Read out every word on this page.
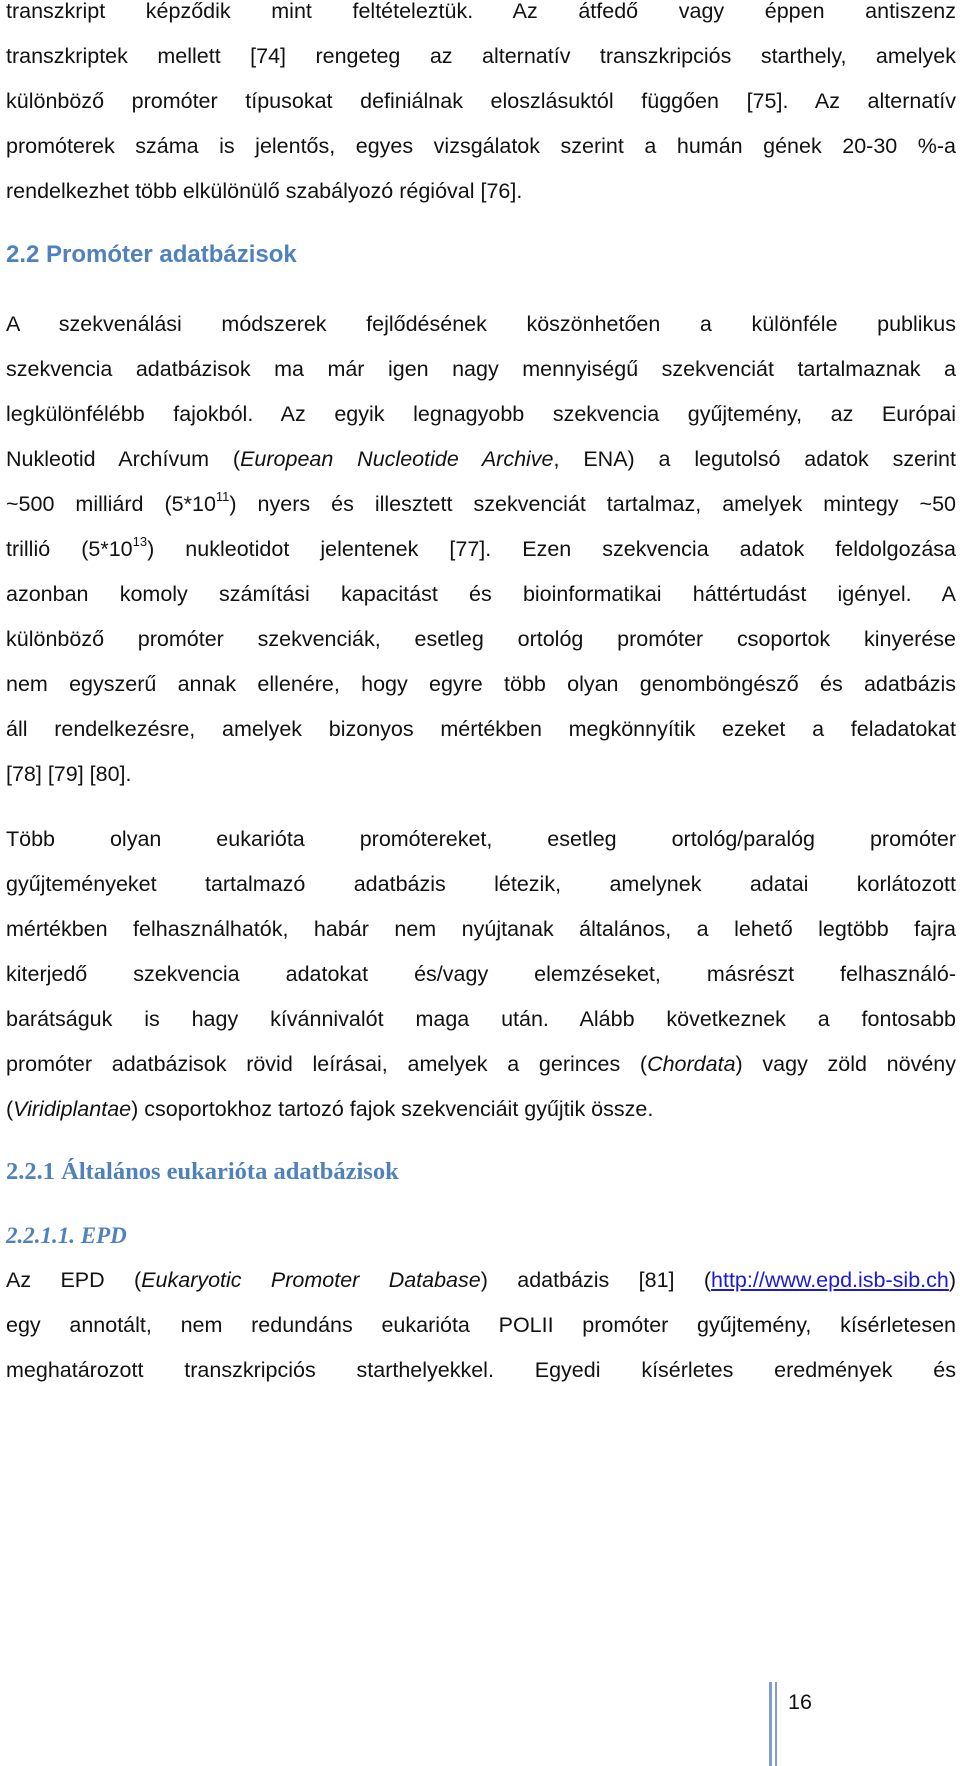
transzkript képződik mint feltételeztük. Az átfedő vagy éppen antiszenz
transzkriptek mellett [74] rengeteg az alternatív transzkripciós starthely, amelyek
különböző promóter típusokat definiálnak eloszlásuktól függően [75]. Az alternatív
promóterek száma is jelentős, egyes vizsgálatok szerint a humán gének 20-30 %-a
rendelkezhet több elkülönülő szabályozó régióval [76].
2.2 Promóter adatbázisok
A szekvenálási módszerek fejlődésének köszönhetően a különféle publikus
szekvencia adatbázisok ma már igen nagy mennyiségű szekvenciát tartalmaznak a
legkülönfélébb fajokból. Az egyik legnagyobb szekvencia gyűjtemény, az Európai
Nukleotid Archívum (European Nucleotide Archive, ENA) a legutolsó adatok szerint
~500 milliárd $(5*10^{11})$ nyers és illesztett szekvenciát tartalmaz, amelyek mintegy ~50
trillió $(5*10^{13})$ nukleotidot jelentenek [77]. Ezen szekvencia adatok feldolgozása
azonban komoly számítási kapacitást és bioinformatikai háttértudást igényel. A
különböző promóter szekvenciák, esetleg ortológ promóter csoportok kinyerése
nem egyszerű annak ellenére, hogy egyre több olyan genomböngésző és adatbázis
áll rendelkezésre, amelyek bizonyos mértékben megkönnyítik ezeket a feladatokat
[78] [79] [80].
Több olyan eukarióta promótereket, esetleg ortológ/paralóg promóter
gyűjteményeket tartalmazó adatbázis létezik, amelynek adatai korlátozott
mértékben felhasználhatók, habár nem nyújtanak általános, a lehető legtöbb fajra
kiterjedő szekvencia adatokat és/vagy elemzéseket, másrészt felhasználó-
barátságuk is hagy kívánnivalót maga után. Alább következnek a fontosabb
promóter adatbázisok rövid leírásai, amelyek a gerinces (Chordata) vagy zöld növény
(Viridiplantae) csoportokhoz tartozó fajok szekvenciáit gyűjtik össze.
2.2.1 Általános eukarióta adatbázisok
2.2.1.1. EPD
Az EPD (Eukaryotic Promoter Database) adatbázis [81] (http://www.epd.isb-sib.ch)
egy annotált, nem redundáns eukarióta POLII promóter gyűjtemény, kísérletesen
meghatározott transzkripciós starthelyekkel. Egyedi kísérletes eredmények és
16
